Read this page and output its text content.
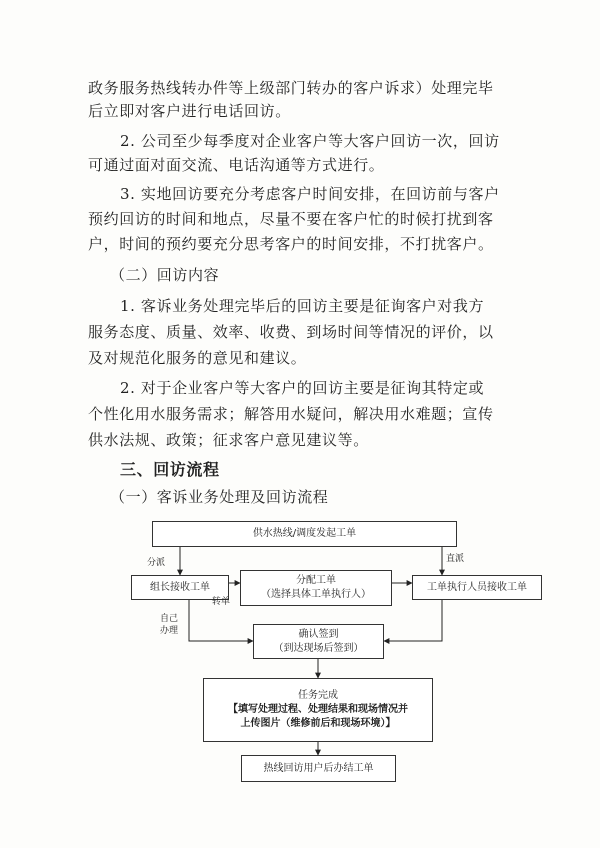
政务服务热线转办件等上级部门转办的客户诉求）处理完毕
后立即对客户进行电话回访。
2. 公司至少每季度对企业客户等大客户回访一次，回访
可通过面对面交流、电话沟通等方式进行。
3. 实地回访要充分考虑客户时间安排，在回访前与客户
预约回访的时间和地点，尽量不要在客户忙的时候打扰到客
户，时间的预约要充分思考客户的时间安排，不打扰客户。
（二）回访内容
1. 客诉业务处理完毕后的回访主要是征询客户对我方
服务态度、质量、效率、收费、到场时间等情况的评价，以
及对规范化服务的意见和建议。
2. 对于企业客户等大客户的回访主要是征询其特定或
个性化用水服务需求；解答用水疑问，解决用水难题；宣传
供水法规、政策；征求客户意见建议等。
三、回访流程
（一）客诉业务处理及回访流程
供水热线/调度发起工单
组长接收工单
分配工单
（选择具体工单执行人）
工单执行人员接收工单
确认签到
（到达现场后签到）
任务完成
【填写处理过程、处理结果和现场情况并
上传图片（维修前后和现场环境）】
热线回访用户后办结工单
分派	直派
转单
自己
办理
